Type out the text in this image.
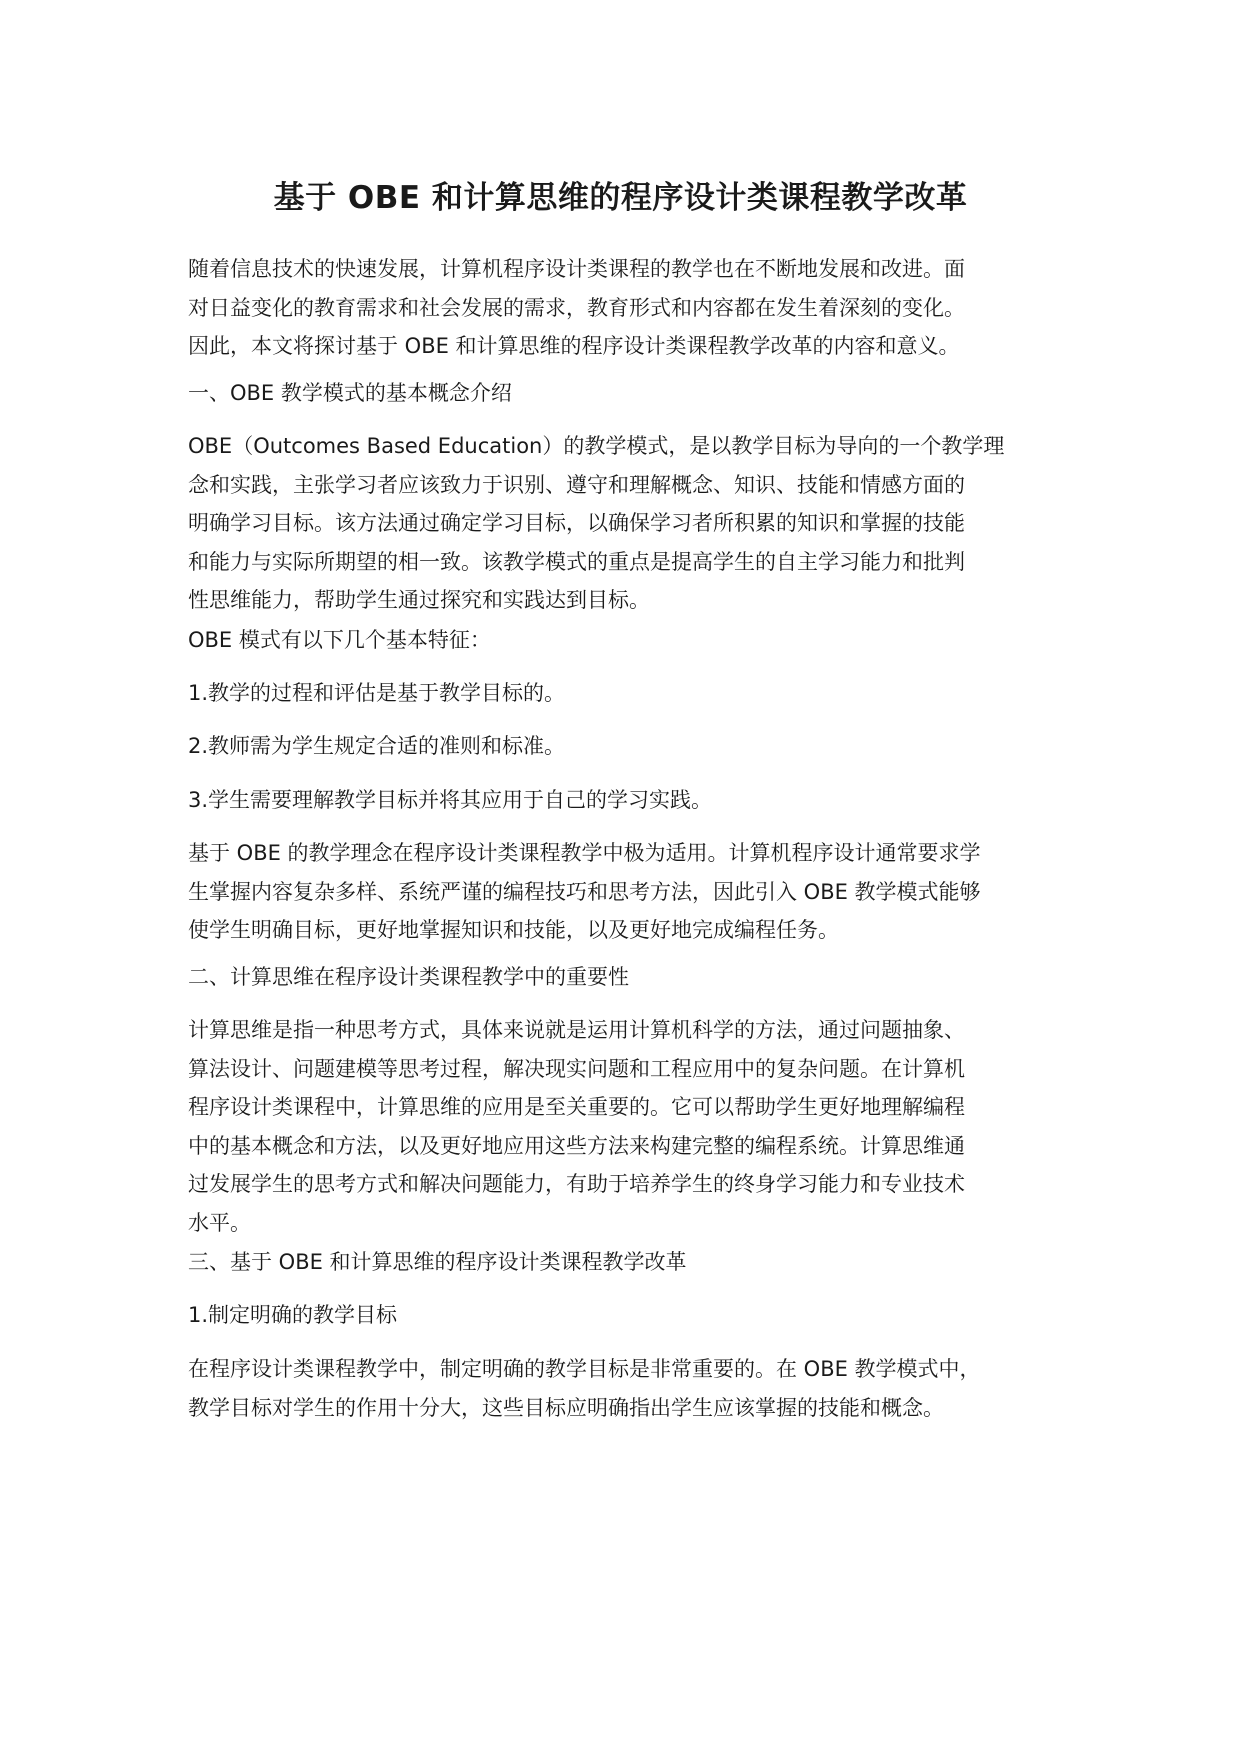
基于 OBE 和计算思维的程序设计类课程教学改革

随着信息技术的快速发展，计算机程序设计类课程的教学也在不断地发展和改进。面
对日益变化的教育需求和社会发展的需求，教育形式和内容都在发生着深刻的变化。
因此，本文将探讨基于 OBE 和计算思维的程序设计类课程教学改革的内容和意义。

一、OBE 教学模式的基本概念介绍

OBE（Outcomes Based Education）的教学模式，是以教学目标为导向的一个教学理
念和实践，主张学习者应该致力于识别、遵守和理解概念、知识、技能和情感方面的
明确学习目标。该方法通过确定学习目标，以确保学习者所积累的知识和掌握的技能
和能力与实际所期望的相一致。该教学模式的重点是提高学生的自主学习能力和批判
性思维能力，帮助学生通过探究和实践达到目标。

OBE 模式有以下几个基本特征：

1.教学的过程和评估是基于教学目标的。

2.教师需为学生规定合适的准则和标准。

3.学生需要理解教学目标并将其应用于自己的学习实践。

基于 OBE 的教学理念在程序设计类课程教学中极为适用。计算机程序设计通常要求学
生掌握内容复杂多样、系统严谨的编程技巧和思考方法，因此引入 OBE 教学模式能够
使学生明确目标，更好地掌握知识和技能，以及更好地完成编程任务。

二、计算思维在程序设计类课程教学中的重要性

计算思维是指一种思考方式，具体来说就是运用计算机科学的方法，通过问题抽象、
算法设计、问题建模等思考过程，解决现实问题和工程应用中的复杂问题。在计算机
程序设计类课程中，计算思维的应用是至关重要的。它可以帮助学生更好地理解编程
中的基本概念和方法，以及更好地应用这些方法来构建完整的编程系统。计算思维通
过发展学生的思考方式和解决问题能力，有助于培养学生的终身学习能力和专业技术
水平。

三、基于 OBE 和计算思维的程序设计类课程教学改革

1.制定明确的教学目标

在程序设计类课程教学中，制定明确的教学目标是非常重要的。在 OBE 教学模式中，
教学目标对学生的作用十分大，这些目标应明确指出学生应该掌握的技能和概念。
